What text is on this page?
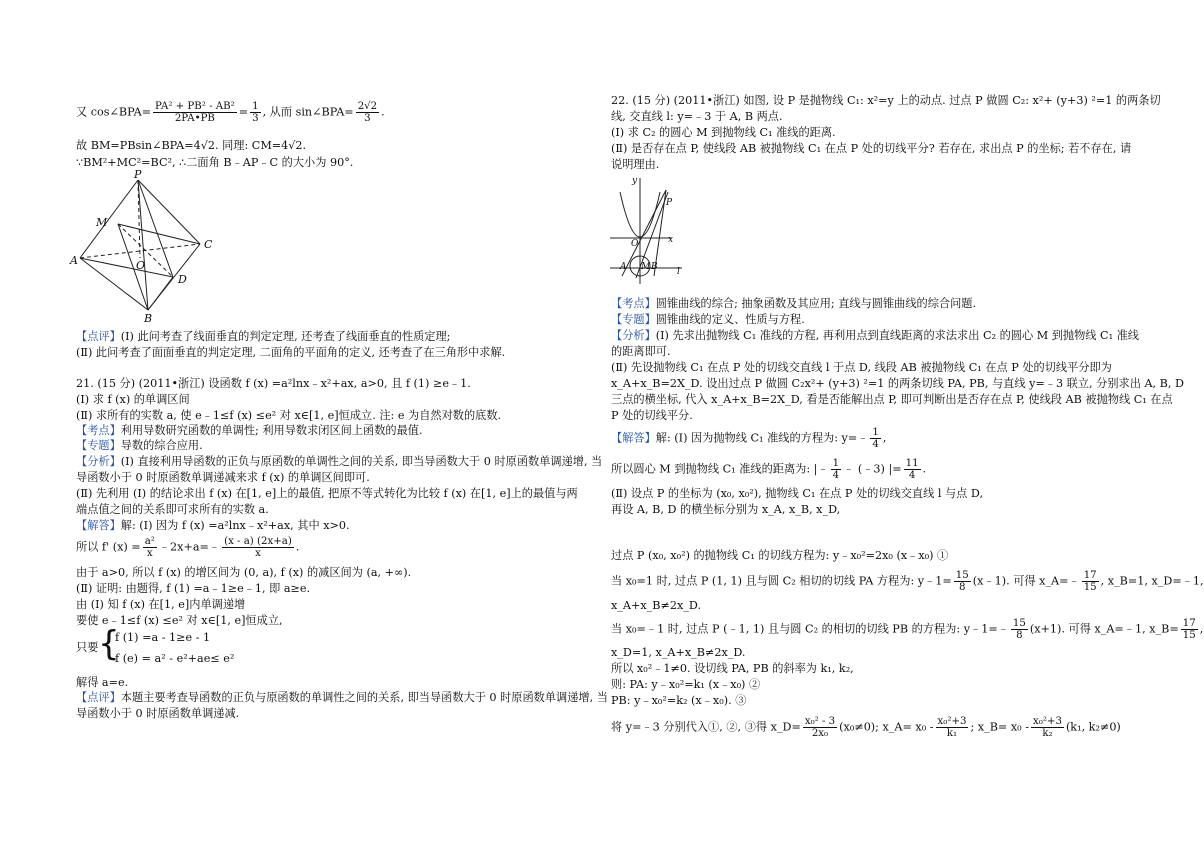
又 cos∠BPA= $\frac{\text{PA² + PB² - AB²}}{2PA•PB} = \frac{1}{3}$ , 从而 sin∠BPA= $\frac{2√2}{3}$ .
故 BM=PBsin∠BPA=4√2. 同理: CM=4√2.
∵BM²+MC²=BC², ∴二面角 B﹣AP﹣C 的大小为 90°.
P
M
C
A	O
D
B
【点评】(Ⅰ) 此问考查了线面垂直的判定定理, 还考查了线面垂直的性质定理;
(Ⅱ) 此问考查了面面垂直的判定定理, 二面角的平面角的定义, 还考查了在三角形中求解.
21. (15 分) (2011•浙江) 设函数 f (x) =a²lnx﹣x²+ax, a>0, 且 f (1) ≥e﹣1.
(Ⅰ) 求 f (x) 的单调区间
(Ⅱ) 求所有的实数 a, 使 e﹣1≤f (x) ≤e² 对 x∈[1, e]恒成立. 注: e 为自然对数的底数.
【考点】利用导数研究函数的单调性; 利用导数求闭区间上函数的最值.
【专题】导数的综合应用.
【分析】(Ⅰ) 直接利用导函数的正负与原函数的单调性之间的关系, 即当导函数大于 0 时原函数单调递增, 当
导函数小于 0 时原函数单调递减来求 f (x) 的单调区间即可.
(Ⅱ) 先利用 (Ⅰ) 的结论求出 f (x) 在[1, e]上的最值, 把原不等式转化为比较 f (x) 在[1, e]上的最值与两
端点值之间的关系即可求所有的实数 a.
【解答】解: (Ⅰ) 因为 f (x) =a²lnx﹣x²+ax, 其中 x>0.
所以 f' $(x) = \frac{\text{a²}}{x}$ ﹣2x+a=﹣ $\frac{(x - a) (2x+a)}{x}$ .
由于 a>0, 所以 f (x) 的增区间为 (0, a), f (x) 的减区间为 (a, +∞).
(Ⅱ) 证明: 由题得, f (1) =a﹣1≥e﹣1, 即 a≥e.
由 (Ⅰ) 知 f (x) 在[1, e]内单调递增
要使 e﹣1≤f (x) ≤e² 对 x∈[1, e]恒成立,
只要 {
f (1) =a - 1≥e - 1
f (e) = a² - e²+ae≤ e²
解得 a=e.
【点评】本题主要考查导函数的正负与原函数的单调性之间的关系, 即当导函数大于 0 时原函数单调递增, 当
导函数小于 0 时原函数单调递减.
22. (15 分) (2011•浙江) 如图, 设 P 是抛物线 C₁: x²=y 上的动点. 过点 P 做圆 C₂: x²+ (y+3) ²=1 的两条切
线, 交直线 l: y=﹣3 于 A, B 两点.
(Ⅰ) 求 C₂ 的圆心 M 到抛物线 C₁ 准线的距离.
(Ⅱ) 是否存在点 P, 使线段 AB 被抛物线 C₁ 在点 P 处的切线平分? 若存在, 求出点 P 的坐标; 若不存在, 请
说明理由.
y
P
O	x
A M B l
【考点】圆锥曲线的综合; 抽象函数及其应用; 直线与圆锥曲线的综合问题.
【专题】圆锥曲线的定义、性质与方程.
【分析】(Ⅰ) 先求出抛物线 C₁ 准线的方程, 再利用点到直线距离的求法求出 C₂ 的圆心 M 到抛物线 C₁ 准线
的距离即可.
(Ⅱ) 先设抛物线 C₁ 在点 P 处的切线交直线 l 于点 D, 线段 AB 被抛物线 C₁ 在点 P 处的切线平分即为
x_A+x_B=2X_D. 设出过点 P 做圆 C₂x²+ (y+3) ²=1 的两条切线 PA, PB, 与直线 y=﹣3 联立, 分别求出 A, B, D
三点的横坐标, 代入 x_A+x_B=2X_D, 看是否能解出点 P, 即可判断出是否存在点 P, 使线段 AB 被抛物线 C₁ 在点
P 处的切线平分.
【解答】解: (Ⅰ) 因为抛物线 C₁ 准线的方程为: y=﹣ $\frac{1}{4}$ ,
所以圆心 M 到抛物线 C₁ 准线的距离为: |﹣ $\frac{1}{4}$ ﹣ (﹣3) |= $\frac{11}{4}$ .
(Ⅱ) 设点 P 的坐标为 (x₀, x₀²), 抛物线 C₁ 在点 P 处的切线交直线 l 与点 D,
再设 A, B, D 的横坐标分别为 x_A, x_B, x_D,
过点 P (x₀, x₀²) 的抛物线 C₁ 的切线方程为: y﹣x₀²=2x₀ (x﹣x₀) ①
当 x₀=1 时, 过点 P (1, 1) 且与圆 C₂ 相切的切线 PA 方程为: y﹣1= $\frac{15}{8}$ (x﹣1). 可得 x_A=﹣ $\frac{17}{15}$ , x_B=1, x_D=﹣1,
x_A+x_B≠2x_D.
当 x₀=﹣1 时, 过点 P (﹣1, 1) 且与圆 C₂ 的相切的切线 PB 的方程为: y﹣1=﹣ $\frac{15}{8} (x+1)$. 可得 x_A=﹣1, x_B= $\frac{17}{15}$ ,
x_D=1, x_A+x_B≠2x_D.
所以 x₀²﹣1≠0. 设切线 PA, PB 的斜率为 k₁, k₂,
则: PA: y﹣x₀²=k₁ (x﹣x₀) ②
PB: y﹣x₀²=k₂ (x﹣x₀). ③
将 y=﹣3 分别代入①, ②, ③得 x_D= $\frac{\text{x₀² - 3}}{\text{2x₀}} (x_0\ne 0)$; x_A= $x_0 - \frac{\text{x₀²+3}}{\text{k₁}}$ ; x_B= $x_0 - \frac{\text{x₀²+3}}{\text{k₂}} (k_1$, k₂≠0)
